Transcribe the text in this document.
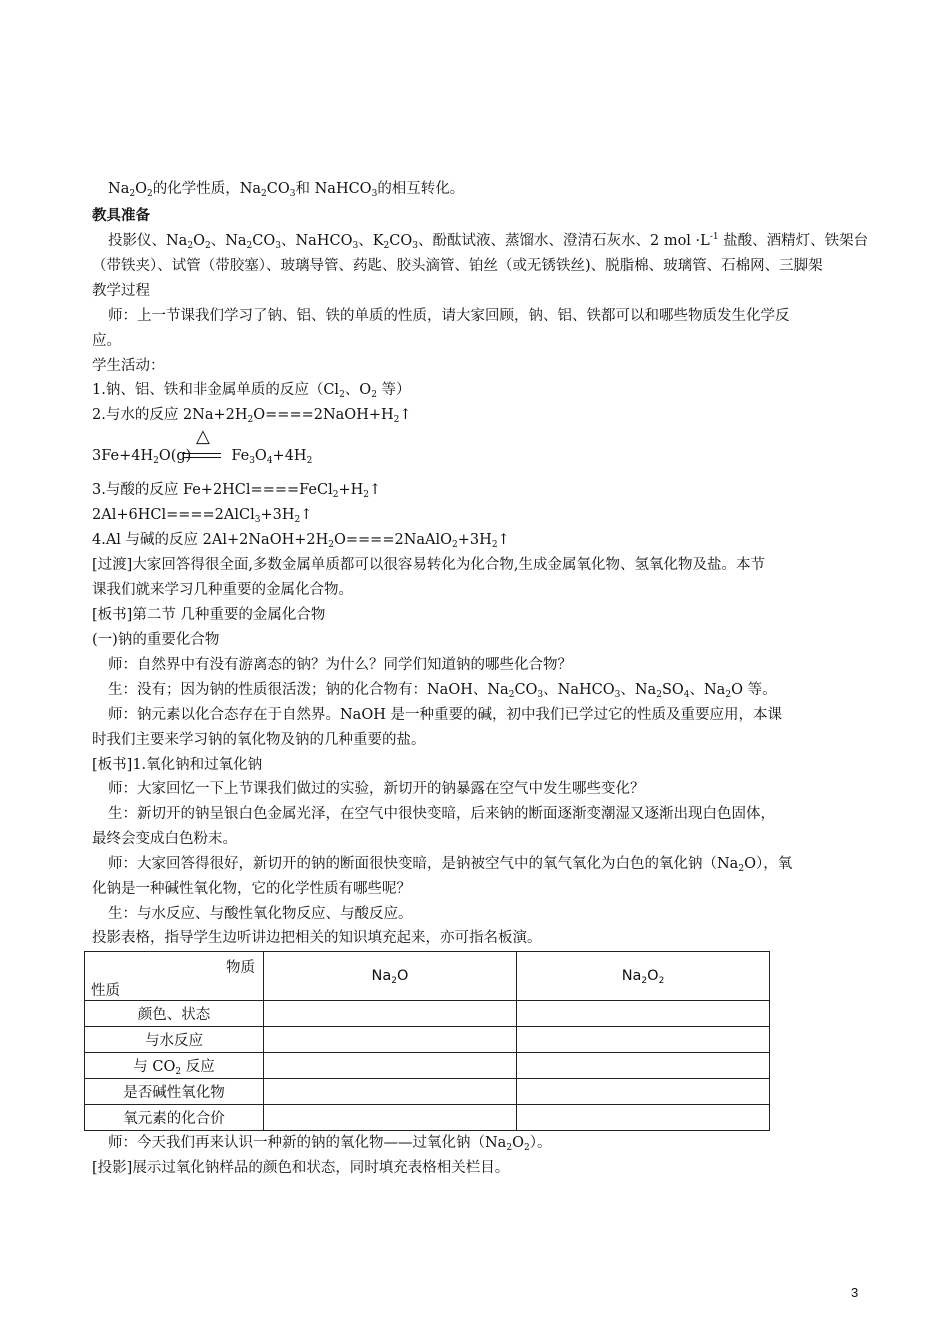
$Na_2O_2$的化学性质，$Na_2CO_3$和 NaHCO$_3$的相互转化。
教具准备
投影仪、$Na_2O_2$、$Na_2CO_3$、NaHCO$_3$、$K_2CO_3$、酚酞试液、蒸馏水、澄清石灰水、2 mol $\cdot L^{-1}$ 盐酸、酒精灯、铁架台
（带铁夹）、试管（带胶塞）、玻璃导管、药匙、胶头滴管、铂丝（或无锈铁丝)、脱脂棉、玻璃管、石棉网、三脚架
教学过程
师：上一节课我们学习了钠、铝、铁的单质的性质，请大家回顾，钠、铝、铁都可以和哪些物质发生化学反
应。
学生活动：
1.钠、铝、铁和非金属单质的反应（$Cl_2$、$O_2$ 等）
2.与水的反应 $2Na+2H_2O====2NaOH+H_2↑$
△
$3Fe+4H_2O(g)$	$Fe_3O_4+4H_2$
3.与酸的反应 $Fe+2HCl====FeCl_2+H_2↑$
$2Al+6HCl====2AlCl_3+3H_2↑$
4.Al 与碱的反应 $2Al+2NaOH+2H_2O====2NaAlO_2+3H_2↑$
[过渡]大家回答得很全面,多数金属单质都可以很容易转化为化合物,生成金属氧化物、氢氧化物及盐。本节
课我们就来学习几种重要的金属化合物。
[板书]第二节 几种重要的金属化合物
(一)钠的重要化合物
师：自然界中有没有游离态的钠？为什么？同学们知道钠的哪些化合物？
生：没有；因为钠的性质很活泼；钠的化合物有：NaOH、$Na_2CO_3$、NaHCO$_3$、$Na_2SO_4$、$Na_2O$ 等。
师：钠元素以化合态存在于自然界。NaOH 是一种重要的碱，初中我们已学过它的性质及重要应用，本课
时我们主要来学习钠的氧化物及钠的几种重要的盐。
[板书]1.氧化钠和过氧化钠
师：大家回忆一下上节课我们做过的实验，新切开的钠暴露在空气中发生哪些变化？
生：新切开的钠呈银白色金属光泽，在空气中很快变暗，后来钠的断面逐渐变潮湿又逐渐出现白色固体，
最终会变成白色粉末。
师：大家回答得很好，新切开的钠的断面很快变暗，是钠被空气中的氧气氧化为白色的氧化钠$(Na_2O)$，氧
化钠是一种碱性氧化物，它的化学性质有哪些呢？
生：与水反应、与酸性氧化物反应、与酸反应。
投影表格，指导学生边听讲边把相关的知识填充起来，亦可指名板演。
物质
性质	$Na_2O$	$Na_2O_2$
颜色、状态		
与水反应		
与 $CO_2$ 反应		
是否碱性氧化物		
氧元素的化合价		
师：今天我们再来认识一种新的钠的氧化物——过氧化钠$(Na_2O_2)$。
[投影]展示过氧化钠样品的颜色和状态，同时填充表格相关栏目。
3
